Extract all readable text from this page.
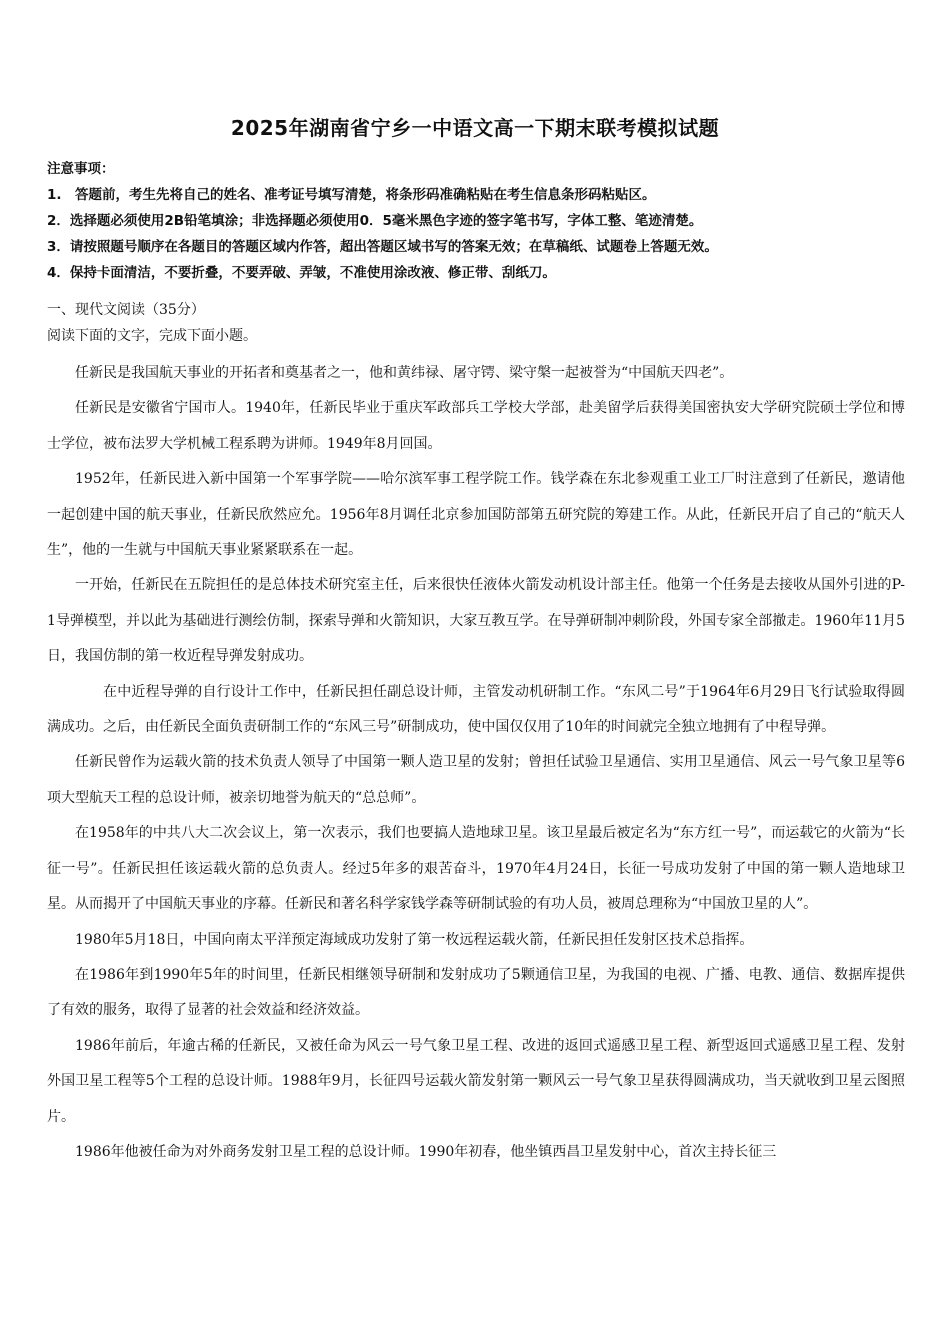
2025年湖南省宁乡一中语文高一下期末联考模拟试题
注意事项：
1.　答题前，考生先将自己的姓名、准考证号填写清楚，将条形码准确粘贴在考生信息条形码粘贴区。
2．选择题必须使用2B铅笔填涂；非选择题必须使用0．5毫米黑色字迹的签字笔书写，字体工整、笔迹清楚。
3．请按照题号顺序在各题目的答题区域内作答，超出答题区域书写的答案无效；在草稿纸、试题卷上答题无效。
4．保持卡面清洁，不要折叠，不要弄破、弄皱，不准使用涂改液、修正带、刮纸刀。
一、现代文阅读（35分）
阅读下面的文字，完成下面小题。

任新民是我国航天事业的开拓者和奠基者之一，他和黄纬禄、屠守锷、梁守槃一起被誉为“中国航天四老”。

任新民是安徽省宁国市人。1940年，任新民毕业于重庆军政部兵工学校大学部，赴美留学后获得美国密执安大学研究院硕士学位和博士学位，被布法罗大学机械工程系聘为讲师。1949年8月回国。

1952年，任新民进入新中国第一个军事学院——哈尔滨军事工程学院工作。钱学森在东北参观重工业工厂时注意到了任新民，邀请他一起创建中国的航天事业，任新民欣然应允。1956年8月调任北京参加国防部第五研究院的筹建工作。从此，任新民开启了自己的“航天人生”，他的一生就与中国航天事业紧紧联系在一起。

一开始，任新民在五院担任的是总体技术研究室主任，后来很快任液体火箭发动机设计部主任。他第一个任务是去接收从国外引进的P-1导弹模型，并以此为基础进行测绘仿制，探索导弹和火箭知识，大家互教互学。在导弹研制冲刺阶段，外国专家全部撤走。1960年11月5日，我国仿制的第一枚近程导弹发射成功。

在中近程导弹的自行设计工作中，任新民担任副总设计师，主管发动机研制工作。“东风二号”于1964年6月29日飞行试验取得圆满成功。之后，由任新民全面负责研制工作的“东风三号”研制成功，使中国仅仅用了10年的时间就完全独立地拥有了中程导弹。

任新民曾作为运载火箭的技术负责人领导了中国第一颗人造卫星的发射；曾担任试验卫星通信、实用卫星通信、风云一号气象卫星等6项大型航天工程的总设计师，被亲切地誉为航天的“总总师”。

在1958年的中共八大二次会议上，第一次表示，我们也要搞人造地球卫星。该卫星最后被定名为“东方红一号”，而运载它的火箭为“长征一号”。任新民担任该运载火箭的总负责人。经过5年多的艰苦奋斗，1970年4月24日，长征一号成功发射了中国的第一颗人造地球卫星。从而揭开了中国航天事业的序幕。任新民和著名科学家钱学森等研制试验的有功人员，被周总理称为“中国放卫星的人”。

1980年5月18日，中国向南太平洋预定海域成功发射了第一枚远程运载火箭，任新民担任发射区技术总指挥。

在1986年到1990年5年的时间里，任新民相继领导研制和发射成功了5颗通信卫星，为我国的电视、广播、电教、通信、数据库提供了有效的服务，取得了显著的社会效益和经济效益。

1986年前后，年逾古稀的任新民，又被任命为风云一号气象卫星工程、改进的返回式遥感卫星工程、新型返回式遥感卫星工程、发射外国卫星工程等5个工程的总设计师。1988年9月，长征四号运载火箭发射第一颗风云一号气象卫星获得圆满成功，当天就收到卫星云图照片。

1986年他被任命为对外商务发射卫星工程的总设计师。1990年初春，他坐镇西昌卫星发射中心，首次主持长征三
